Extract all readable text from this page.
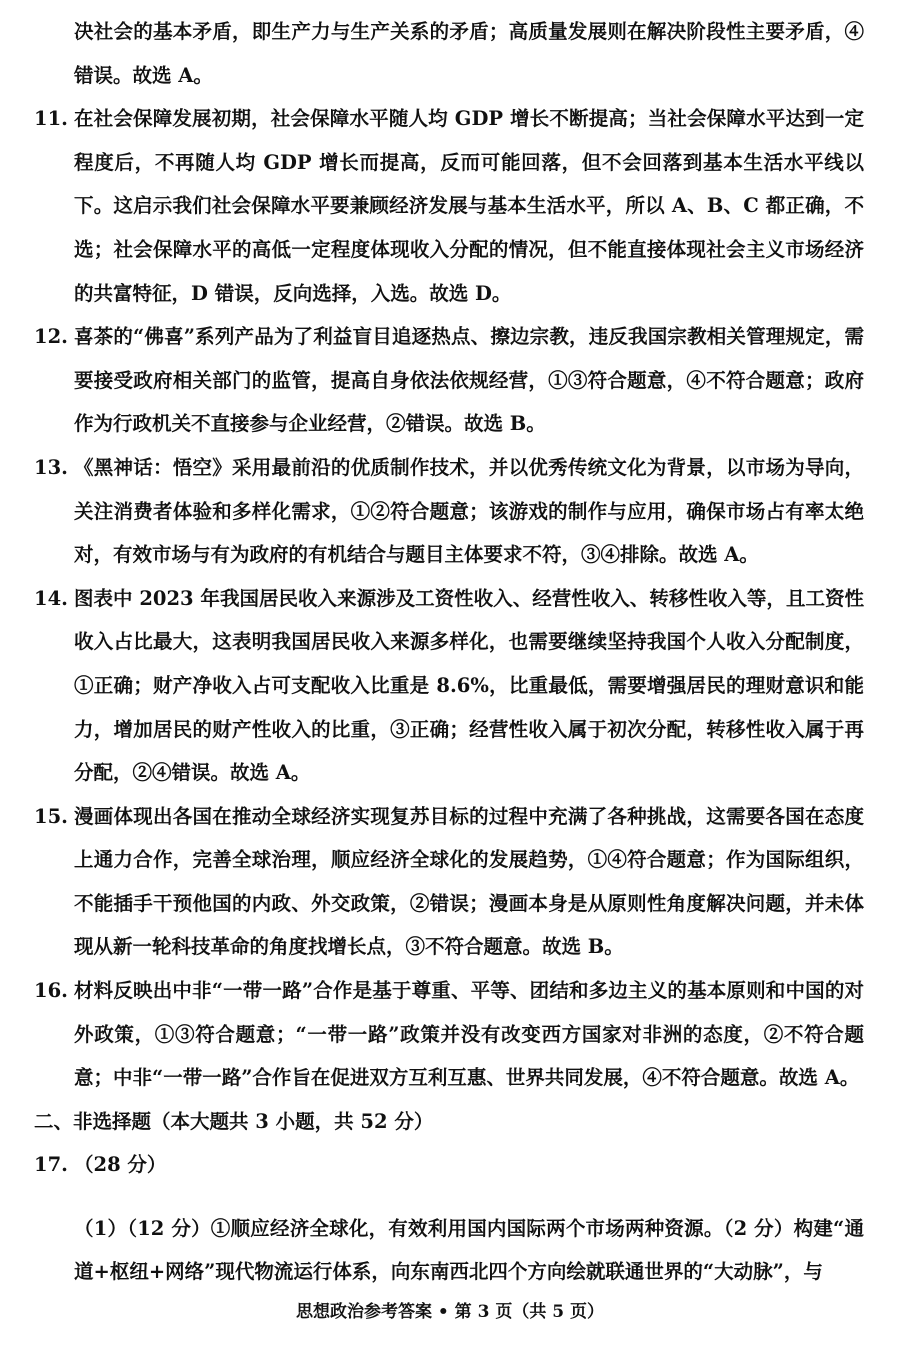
决社会的基本矛盾，即生产力与生产关系的矛盾；高质量发展则在解决阶段性主要矛盾，④错误。故选 A。

11. 在社会保障发展初期，社会保障水平随人均 GDP 增长不断提高；当社会保障水平达到一定程度后，不再随人均 GDP 增长而提高，反而可能回落，但不会回落到基本生活水平线以下。这启示我们社会保障水平要兼顾经济发展与基本生活水平，所以 A、B、C 都正确，不选；社会保障水平的高低一定程度体现收入分配的情况，但不能直接体现社会主义市场经济的共富特征，D 错误，反向选择，入选。故选 D。

12. 喜茶的“佛喜”系列产品为了利益盲目追逐热点、擦边宗教，违反我国宗教相关管理规定，需要接受政府相关部门的监管，提高自身依法依规经营，①③符合题意，④不符合题意；政府作为行政机关不直接参与企业经营，②错误。故选 B。

13. 《黑神话：悟空》采用最前沿的优质制作技术，并以优秀传统文化为背景，以市场为导向，关注消费者体验和多样化需求，①②符合题意；该游戏的制作与应用，确保市场占有率太绝对，有效市场与有为政府的有机结合与题目主体要求不符，③④排除。故选 A。

14. 图表中 2023 年我国居民收入来源涉及工资性收入、经营性收入、转移性收入等，且工资性收入占比最大，这表明我国居民收入来源多样化，也需要继续坚持我国个人收入分配制度，①正确；财产净收入占可支配收入比重是 8.6%，比重最低，需要增强居民的理财意识和能力，增加居民的财产性收入的比重，③正确；经营性收入属于初次分配，转移性收入属于再分配，②④错误。故选 A。

15. 漫画体现出各国在推动全球经济实现复苏目标的过程中充满了各种挑战，这需要各国在态度上通力合作，完善全球治理，顺应经济全球化的发展趋势，①④符合题意；作为国际组织，不能插手干预他国的内政、外交政策，②错误；漫画本身是从原则性角度解决问题，并未体现从新一轮科技革命的角度找增长点，③不符合题意。故选 B。

16. 材料反映出中非“一带一路”合作是基于尊重、平等、团结和多边主义的基本原则和中国的对外政策，①③符合题意；“一带一路”政策并没有改变西方国家对非洲的态度，②不符合题意；中非“一带一路”合作旨在促进双方互利互惠、世界共同发展，④不符合题意。故选 A。

二、非选择题（本大题共 3 小题，共 52 分）

17. （28 分）

（1）（12 分）①顺应经济全球化，有效利用国内国际两个市场两种资源。（2 分）构建“通道+枢纽+网络”现代物流运行体系，向东南西北四个方向绘就联通世界的“大动脉”，与

思想政治参考答案 • 第 3 页（共 5 页）
